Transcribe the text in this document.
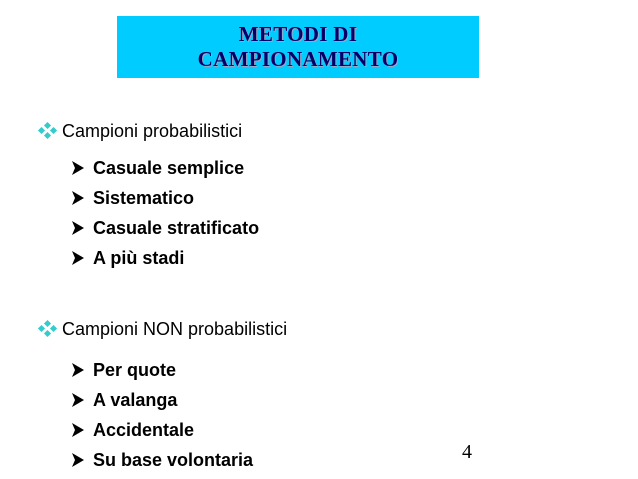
METODI DI
CAMPIONAMENTO
Campioni probabilistici
Casuale semplice
Sistematico
Casuale stratificato
A più stadi
Campioni NON probabilistici
Per quote
A valanga
Accidentale
Su base volontaria	4
